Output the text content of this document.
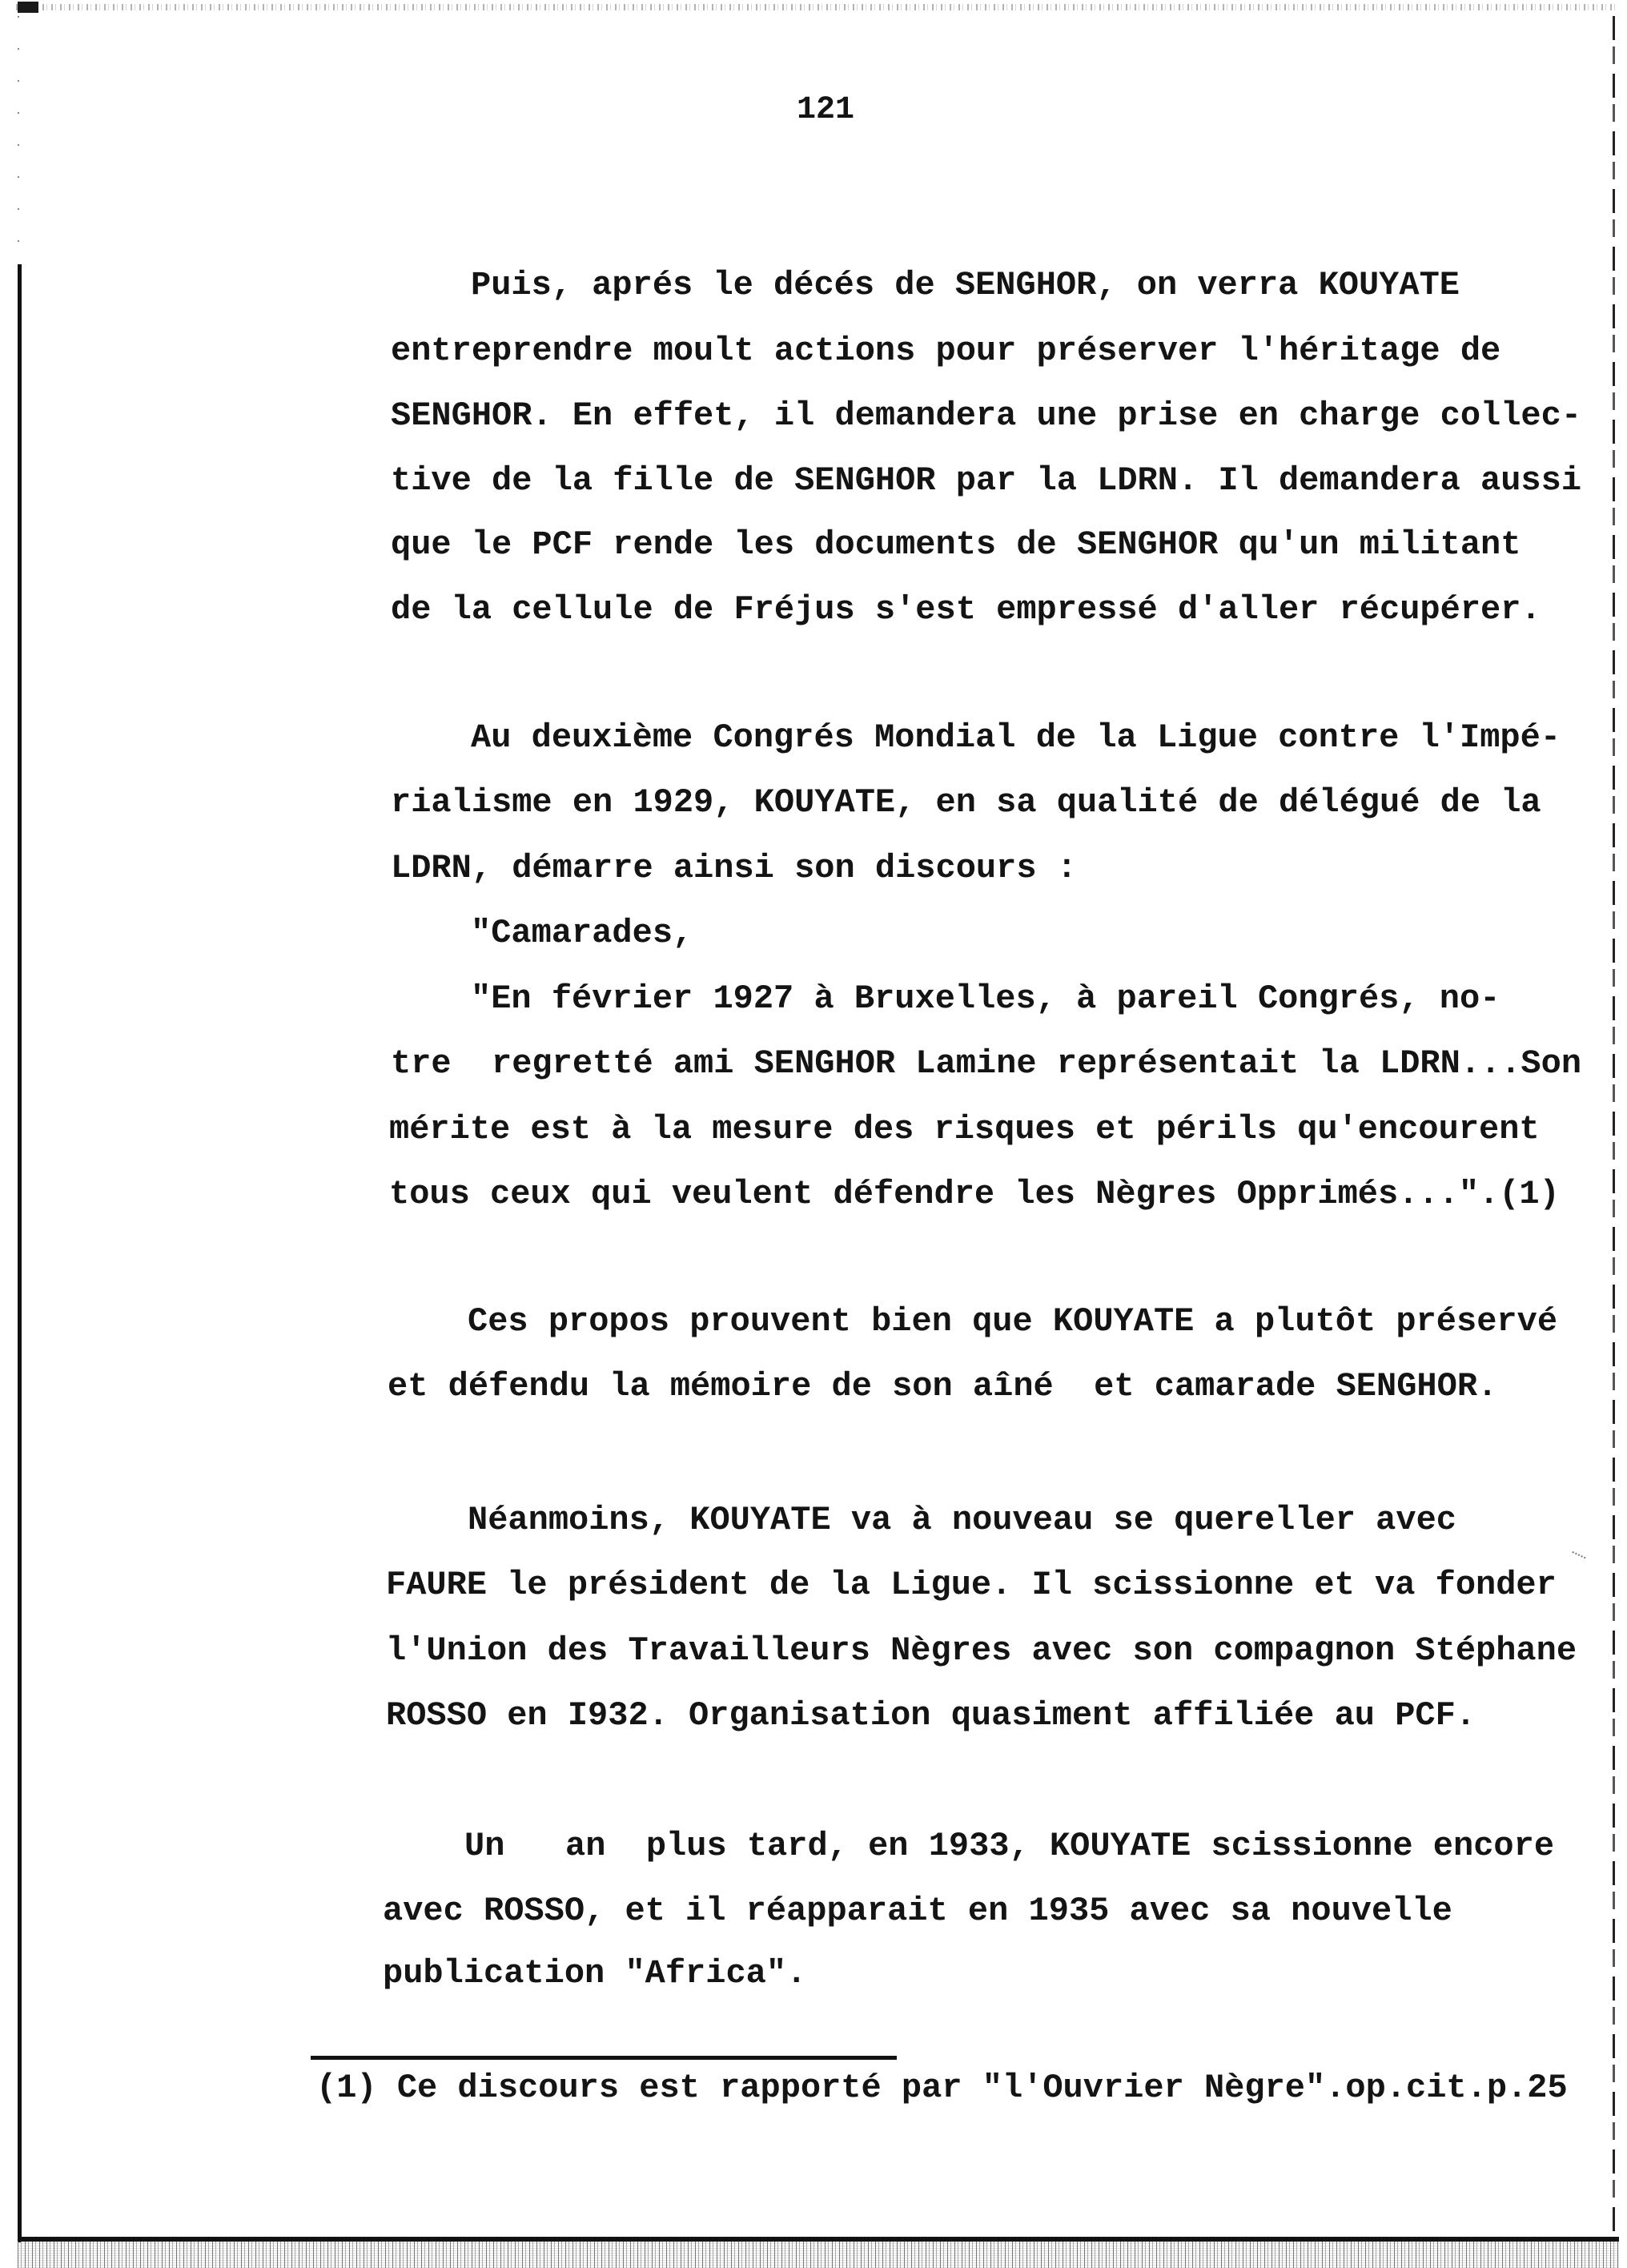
121
Puis, aprés le décés de SENGHOR, on verra KOUYATE
entreprendre moult actions pour préserver l'héritage de
SENGHOR. En effet, il demandera une prise en charge collec-
tive de la fille de SENGHOR par la LDRN. Il demandera aussi
que le PCF rende les documents de SENGHOR qu'un militant
de la cellule de Fréjus s'est empressé d'aller récupérer.
Au deuxième Congrés Mondial de la Ligue contre l'Impé-
rialisme en 1929, KOUYATE, en sa qualité de délégué de la
LDRN, démarre ainsi son discours :
"Camarades,
"En février 1927 à Bruxelles, à pareil Congrés, no-
tre  regretté ami SENGHOR Lamine représentait la LDRN...Son
mérite est à la mesure des risques et périls qu'encourent
tous ceux qui veulent défendre les Nègres Opprimés...".(1)
Ces propos prouvent bien que KOUYATE a plutôt préservé
et défendu la mémoire de son aîné  et camarade SENGHOR.
Néanmoins, KOUYATE va à nouveau se quereller avec
FAURE le président de la Ligue. Il scissionne et va fonder
l'Union des Travailleurs Nègres avec son compagnon Stéphane
ROSSO en I932. Organisation quasiment affiliée au PCF.
Un   an  plus tard, en 1933, KOUYATE scissionne encore
avec ROSSO, et il réapparait en 1935 avec sa nouvelle
publication "Africa".
(1) Ce discours est rapporté par "l'Ouvrier Nègre".op.cit.p.25
